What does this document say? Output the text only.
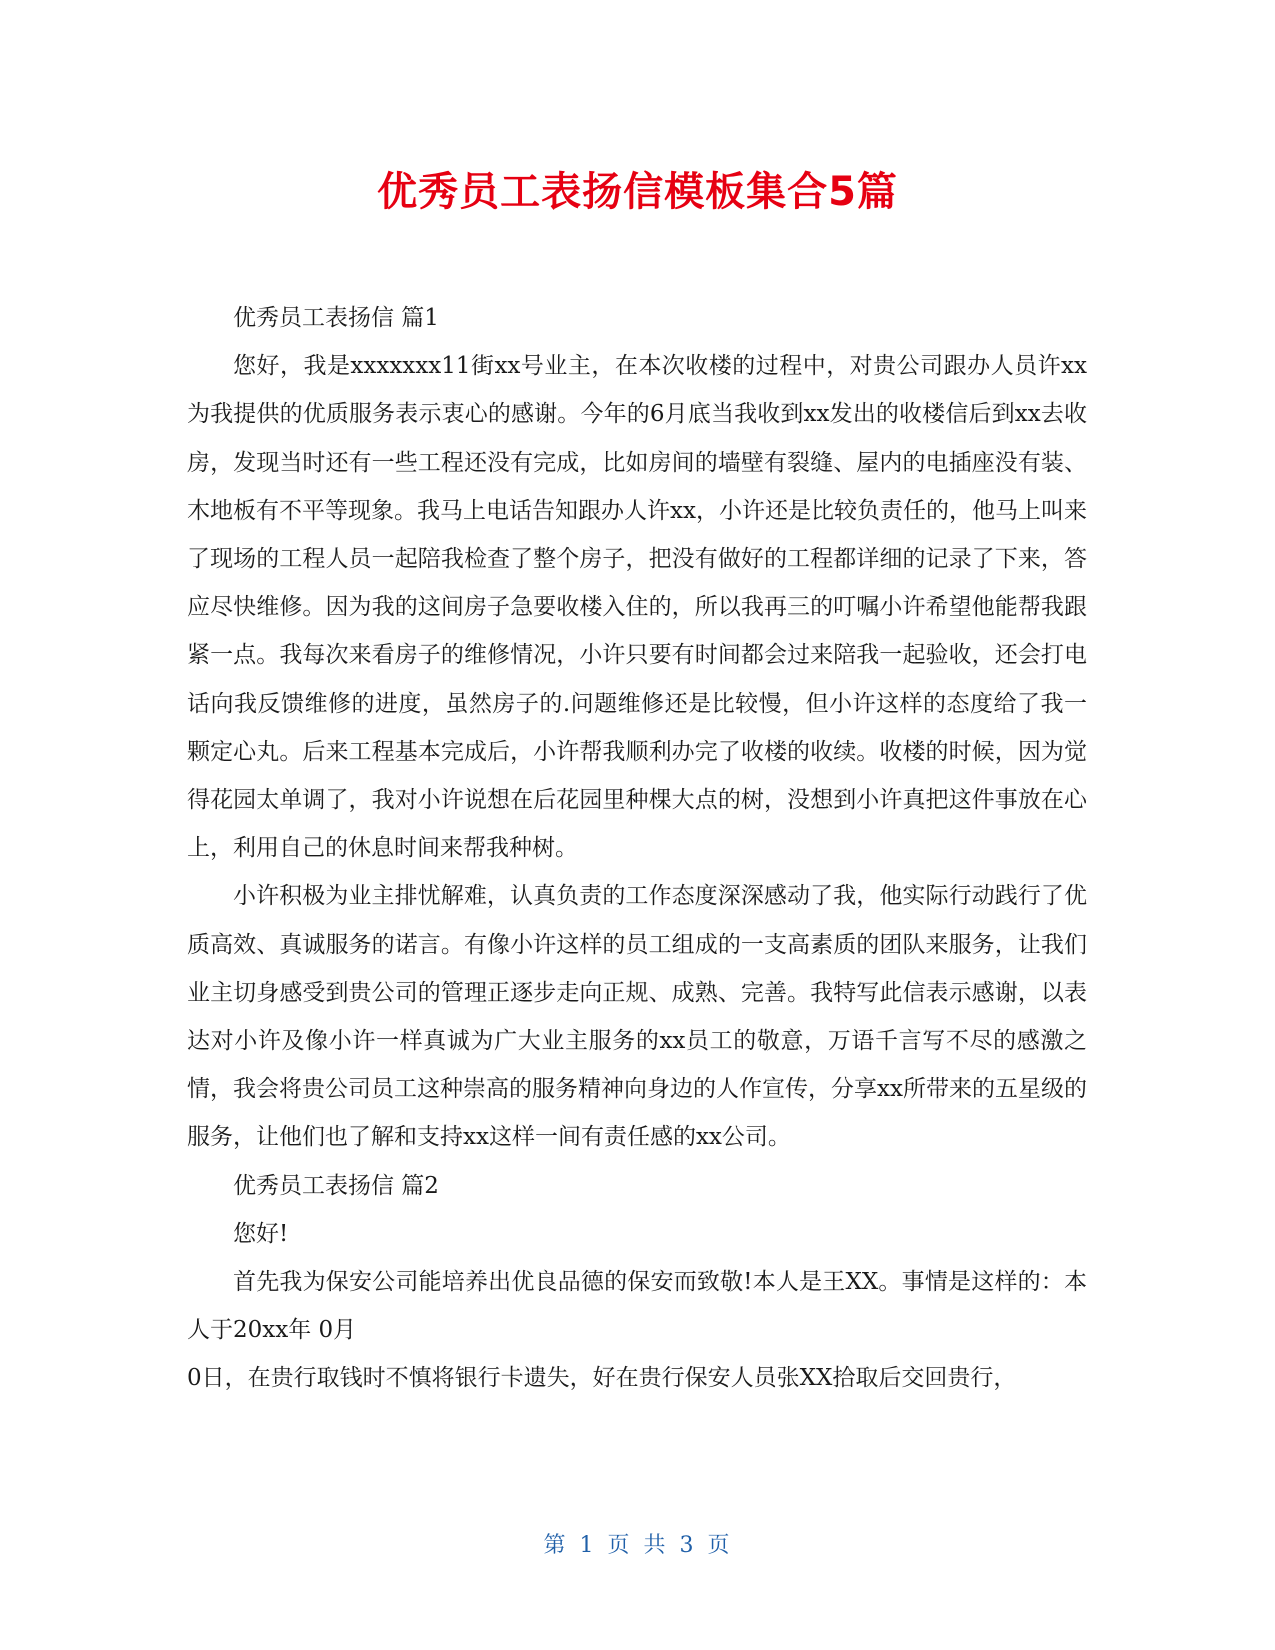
优秀员工表扬信模板集合5篇

优秀员工表扬信 篇1

您好，我是xxxxxxx11街xx号业主，在本次收楼的过程中，对贵公司跟办人员许xx为我提供的优质服务表示衷心的感谢。今年的6月底当我收到xx发出的收楼信后到xx去收房，发现当时还有一些工程还没有完成，比如房间的墙壁有裂缝、屋内的电插座没有装、木地板有不平等现象。我马上电话告知跟办人许xx，小许还是比较负责任的，他马上叫来了现场的工程人员一起陪我检查了整个房子，把没有做好的工程都详细的记录了下来，答应尽快维修。因为我的这间房子急要收楼入住的，所以我再三的叮嘱小许希望他能帮我跟紧一点。我每次来看房子的维修情况，小许只要有时间都会过来陪我一起验收，还会打电话向我反馈维修的进度，虽然房子的.问题维修还是比较慢，但小许这样的态度给了我一颗定心丸。后来工程基本完成后，小许帮我顺利办完了收楼的收续。收楼的时候，因为觉得花园太单调了，我对小许说想在后花园里种棵大点的树，没想到小许真把这件事放在心上，利用自己的休息时间来帮我种树。

小许积极为业主排忧解难，认真负责的工作态度深深感动了我，他实际行动践行了优质高效、真诚服务的诺言。有像小许这样的员工组成的一支高素质的团队来服务，让我们业主切身感受到贵公司的管理正逐步走向正规、成熟、完善。我特写此信表示感谢，以表达对小许及像小许一样真诚为广大业主服务的xx员工的敬意，万语千言写不尽的感激之情，我会将贵公司员工这种崇高的服务精神向身边的人作宣传，分享xx所带来的五星级的服务，让他们也了解和支持xx这样一间有责任感的xx公司。

优秀员工表扬信 篇2

您好!

首先我为保安公司能培养出优良品德的保安而致敬!本人是王XX。事情是这样的：本人于20xx年 0月

0日，在贵行取钱时不慎将银行卡遗失，好在贵行保安人员张XX拾取后交回贵行，

第 1 页 共 3 页
